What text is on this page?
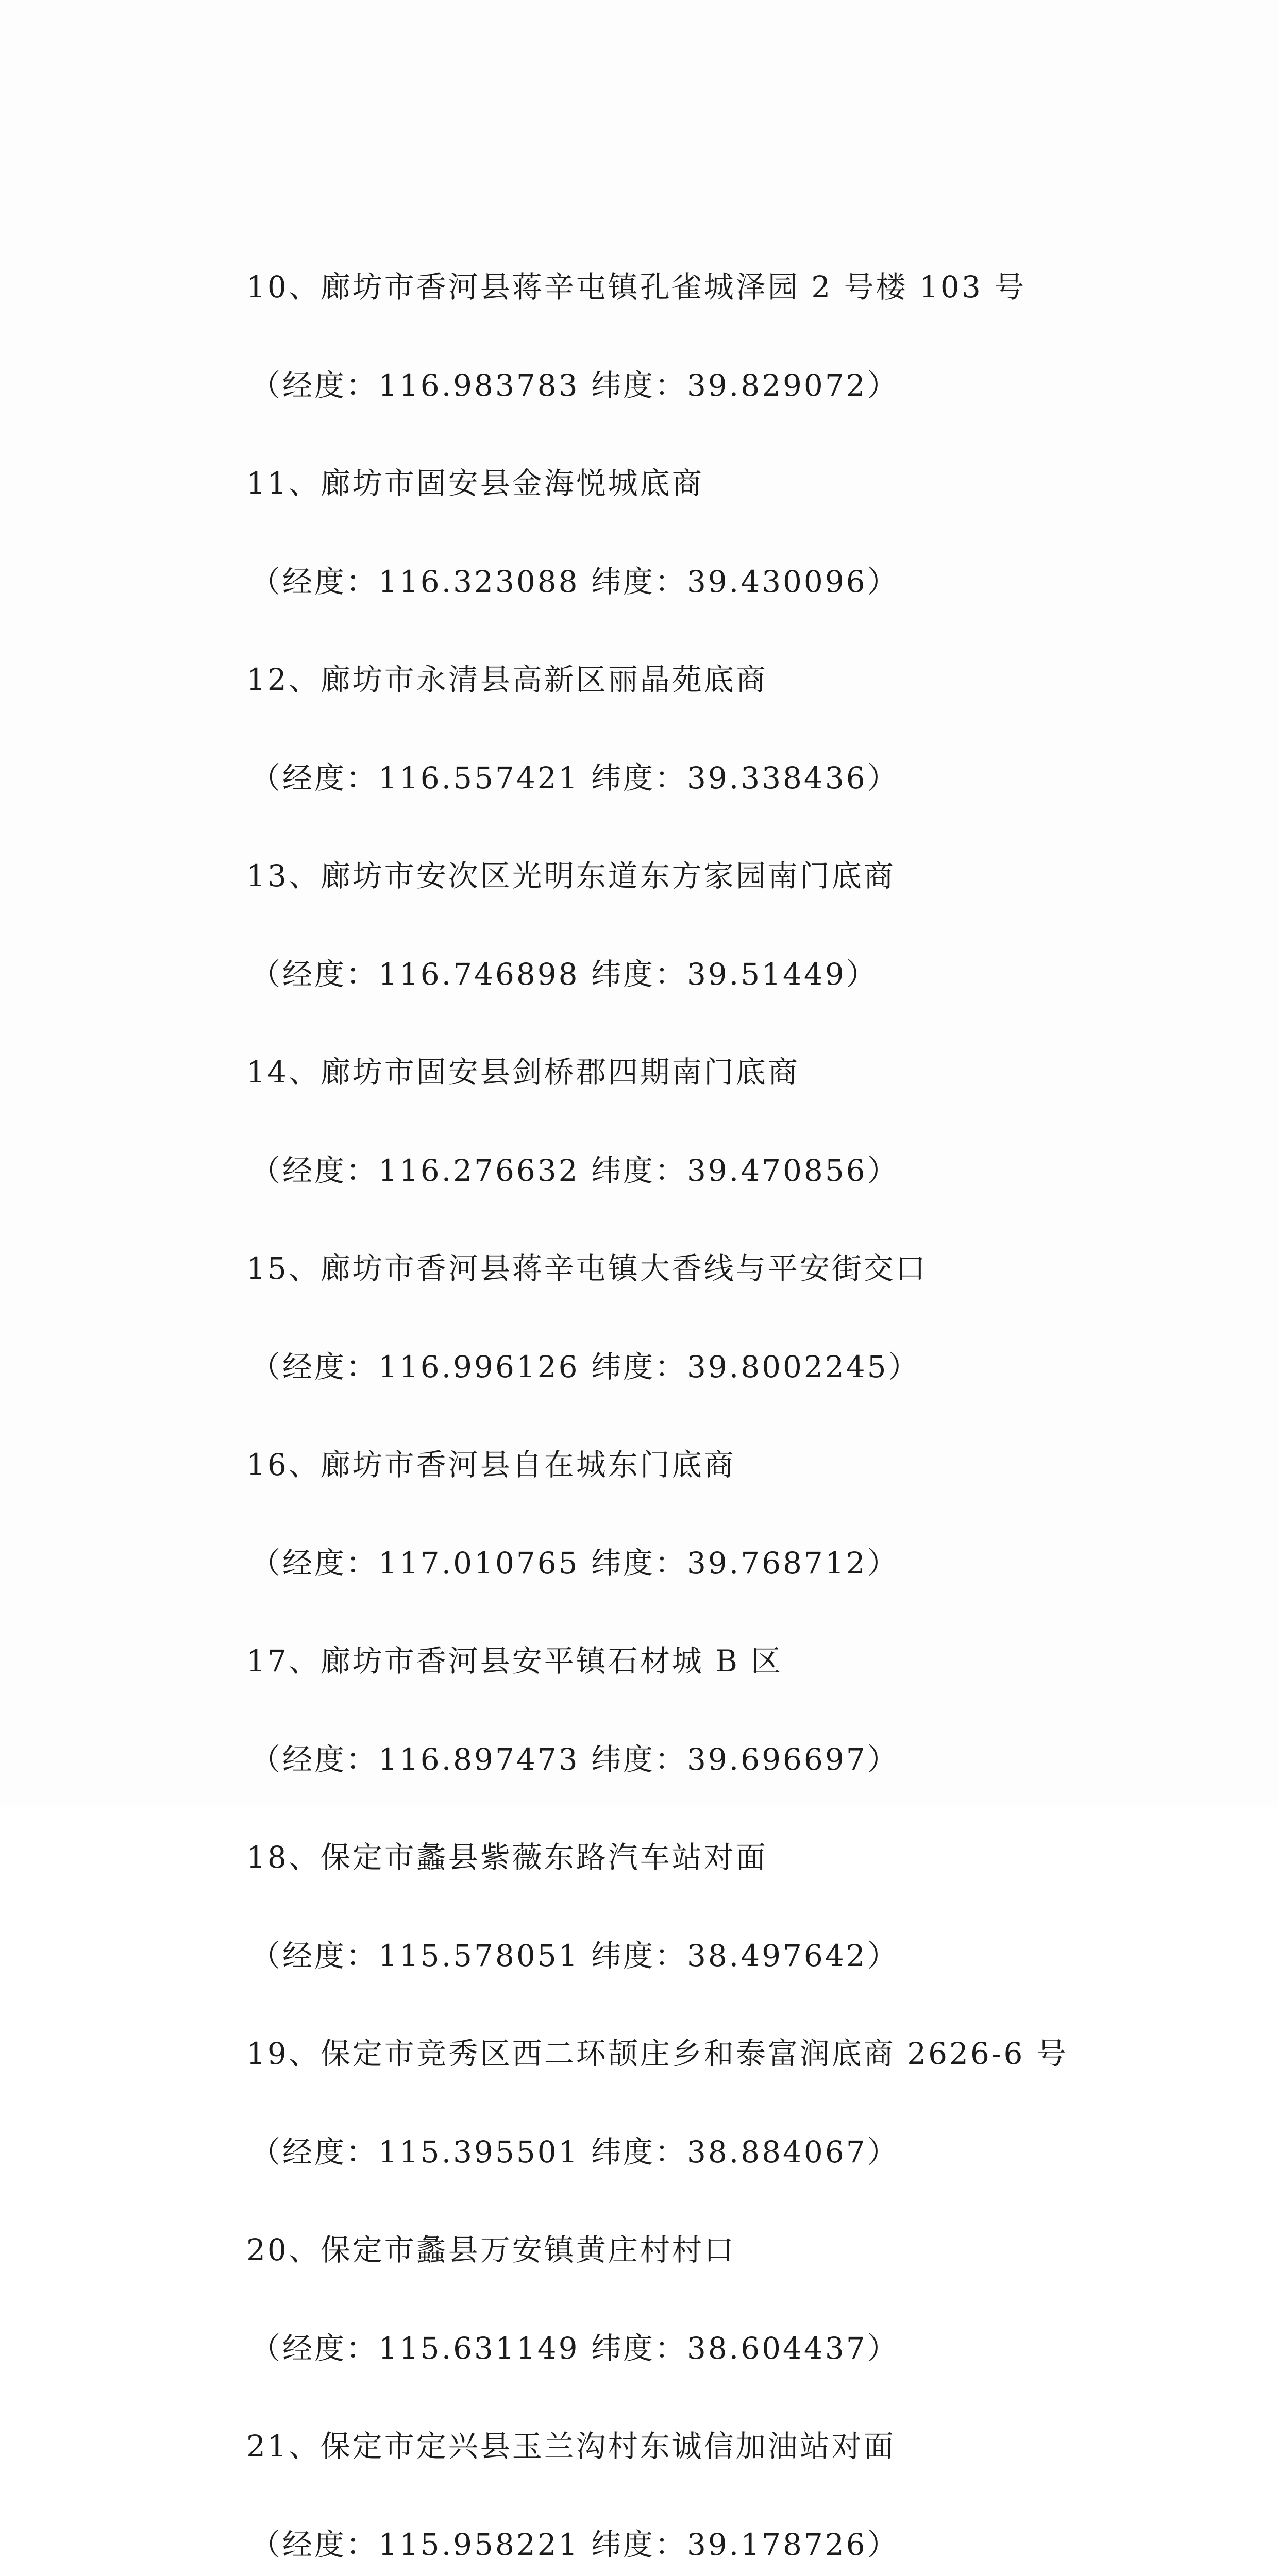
10、廊坊市香河县蒋辛屯镇孔雀城泽园 2 号楼 103 号
（经度：116.983783 纬度：39.829072）
11、廊坊市固安县金海悦城底商
（经度：116.323088 纬度：39.430096）
12、廊坊市永清县高新区丽晶苑底商
（经度：116.557421 纬度：39.338436）
13、廊坊市安次区光明东道东方家园南门底商
（经度：116.746898 纬度：39.51449）
14、廊坊市固安县剑桥郡四期南门底商
（经度：116.276632 纬度：39.470856）
15、廊坊市香河县蒋辛屯镇大香线与平安街交口
（经度：116.996126 纬度：39.8002245）
16、廊坊市香河县自在城东门底商
（经度：117.010765 纬度：39.768712）
17、廊坊市香河县安平镇石材城 B 区
（经度：116.897473 纬度：39.696697）
18、保定市蠡县紫薇东路汽车站对面
（经度：115.578051 纬度：38.497642）
19、保定市竞秀区西二环颉庄乡和泰富润底商 2626-6 号
（经度：115.395501 纬度：38.884067）
20、保定市蠡县万安镇黄庄村村口
（经度：115.631149 纬度：38.604437）
21、保定市定兴县玉兰沟村东诚信加油站对面
（经度：115.958221 纬度：39.178726）
